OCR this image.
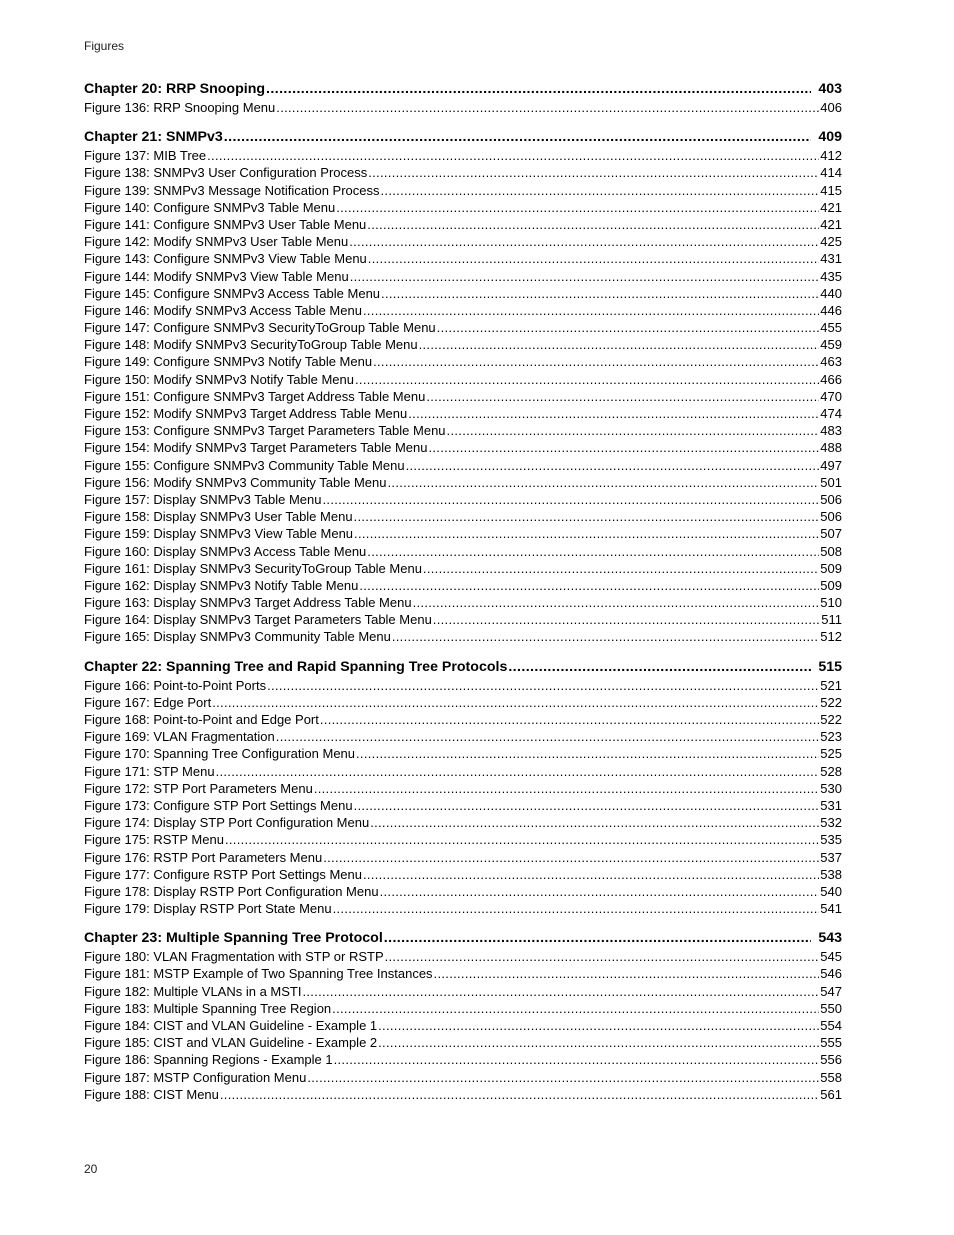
Figures
Chapter 20: RRP Snooping .....	403
Figure 136: RRP Snooping Menu .....	406
Chapter 21: SNMPv3 .....	409
Figure 137: MIB Tree .....	412
Figure 138: SNMPv3 User Configuration Process .....	414
Figure 139: SNMPv3 Message Notification Process .....	415
Figure 140: Configure SNMPv3 Table Menu .....	421
Figure 141: Configure SNMPv3 User Table Menu .....	421
Figure 142: Modify SNMPv3 User Table Menu .....	425
Figure 143: Configure SNMPv3 View Table Menu .....	431
Figure 144: Modify SNMPv3 View Table Menu .....	435
Figure 145: Configure SNMPv3 Access Table Menu .....	440
Figure 146: Modify SNMPv3 Access Table Menu .....	446
Figure 147: Configure SNMPv3 SecurityToGroup Table Menu .....	455
Figure 148: Modify SNMPv3 SecurityToGroup Table Menu .....	459
Figure 149: Configure SNMPv3 Notify Table Menu .....	463
Figure 150: Modify SNMPv3 Notify Table Menu .....	466
Figure 151: Configure SNMPv3 Target Address Table Menu .....	470
Figure 152: Modify SNMPv3 Target Address Table Menu .....	474
Figure 153: Configure SNMPv3 Target Parameters Table Menu .....	483
Figure 154: Modify SNMPv3 Target Parameters Table Menu .....	488
Figure 155: Configure SNMPv3 Community Table Menu .....	497
Figure 156: Modify SNMPv3 Community Table Menu .....	501
Figure 157: Display SNMPv3 Table Menu .....	506
Figure 158: Display SNMPv3 User Table Menu .....	506
Figure 159: Display SNMPv3 View Table Menu .....	507
Figure 160: Display SNMPv3 Access Table Menu .....	508
Figure 161: Display SNMPv3 SecurityToGroup Table Menu .....	509
Figure 162: Display SNMPv3 Notify Table Menu .....	509
Figure 163: Display SNMPv3 Target Address Table Menu .....	510
Figure 164: Display SNMPv3 Target Parameters Table Menu .....	511
Figure 165: Display SNMPv3 Community Table Menu .....	512
Chapter 22: Spanning Tree and Rapid Spanning Tree Protocols .....	515
Figure 166: Point-to-Point Ports .....	521
Figure 167: Edge Port .....	522
Figure 168: Point-to-Point and Edge Port .....	522
Figure 169: VLAN Fragmentation .....	523
Figure 170: Spanning Tree Configuration Menu .....	525
Figure 171: STP Menu .....	528
Figure 172: STP Port Parameters Menu .....	530
Figure 173: Configure STP Port Settings Menu .....	531
Figure 174: Display STP Port Configuration Menu .....	532
Figure 175: RSTP Menu .....	535
Figure 176: RSTP Port Parameters Menu .....	537
Figure 177: Configure RSTP Port Settings Menu .....	538
Figure 178: Display RSTP Port Configuration Menu .....	540
Figure 179: Display RSTP Port State Menu .....	541
Chapter 23: Multiple Spanning Tree Protocol .....	543
Figure 180: VLAN Fragmentation with STP or RSTP .....	545
Figure 181: MSTP Example of Two Spanning Tree Instances .....	546
Figure 182: Multiple VLANs in a MSTI .....	547
Figure 183: Multiple Spanning Tree Region .....	550
Figure 184: CIST and VLAN Guideline - Example 1 .....	554
Figure 185: CIST and VLAN Guideline - Example 2 .....	555
Figure 186: Spanning Regions - Example 1 .....	556
Figure 187: MSTP Configuration Menu .....	558
Figure 188: CIST Menu .....	561
20
